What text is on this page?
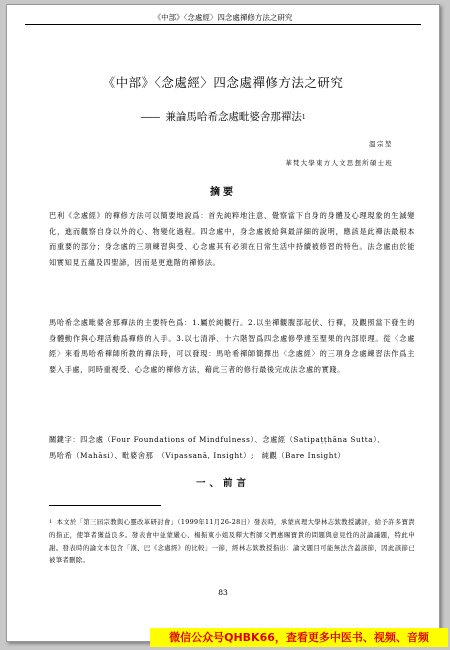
《中部》〈念處經〉四念處禪修方法之研究
《中部》〈念處經〉四念處禪修方法之研究
—— 兼論馬哈希念處毗婆舍那禪法$^1$
溫宗堃
華梵大學東方人文思想所碩士班
摘要
巴利《念處經》的禪修方法可以簡要地說爲：首先純粹地注意、覺察當下自身的身體及心理現象的生滅變化，進而觀察自身以外的心、物變化過程。四念處中，身念處被給與最詳細的說明，應該是此禪法最根本而重要的部分；身念處的三項練習與受、心念處其有必須在日常生活中持續被修習的特色。法念處由於能知實知見五蘊及四聖諦，因而是更進階的禪修法。
馬哈希念處毗婆舍那禪法的主要特色爲：1.屬於純觀行。2.以坐禪觀腹部起伏、行禪，及觀照當下發生的身體動作與心理活動爲禪修的入手。3.以七清淨、十六階智爲四念處修學達至聖果的內部原理。從〈念處經〉來看馬哈希禪師所教的禪法時，可以發現：馬哈希禪師簡擇出〈念處經〉的三項身念處練習法作爲主要入手處，同時重視受、心念處的禪修方法，藉此三者的修行最後完成法念處的實踐。
關鍵字：四念處（Four Foundations of Mindfulness）、念處經（Satipaṭṭhāna Sutta）、
馬哈希（Mahāsi）、毗婆舍那　（Vipassanā, Insight）;　純觀（Bare Insight）
一、前言
$^1$ 本文於「第三屆宗教與心靈改革研討會」（1999年11月26-28日）發表時，承蒙真理大學林志欽教授講評，給予許多寶貴的指正，使筆者獲益良多。發表會中並蒙嚴心、楊振東小姐及釋大哲師父們惠賜寶貴的問題與意見性的討論議題，特此申謝。發表時的論文本包含「漢、巴《念處經》的比較」一節，經林志欽教授指出：論文題目可能無法含蓋該節，因此該節已被筆者刪除。
83
微信公众号QHBK66，查看更多中医书、视频、音频
